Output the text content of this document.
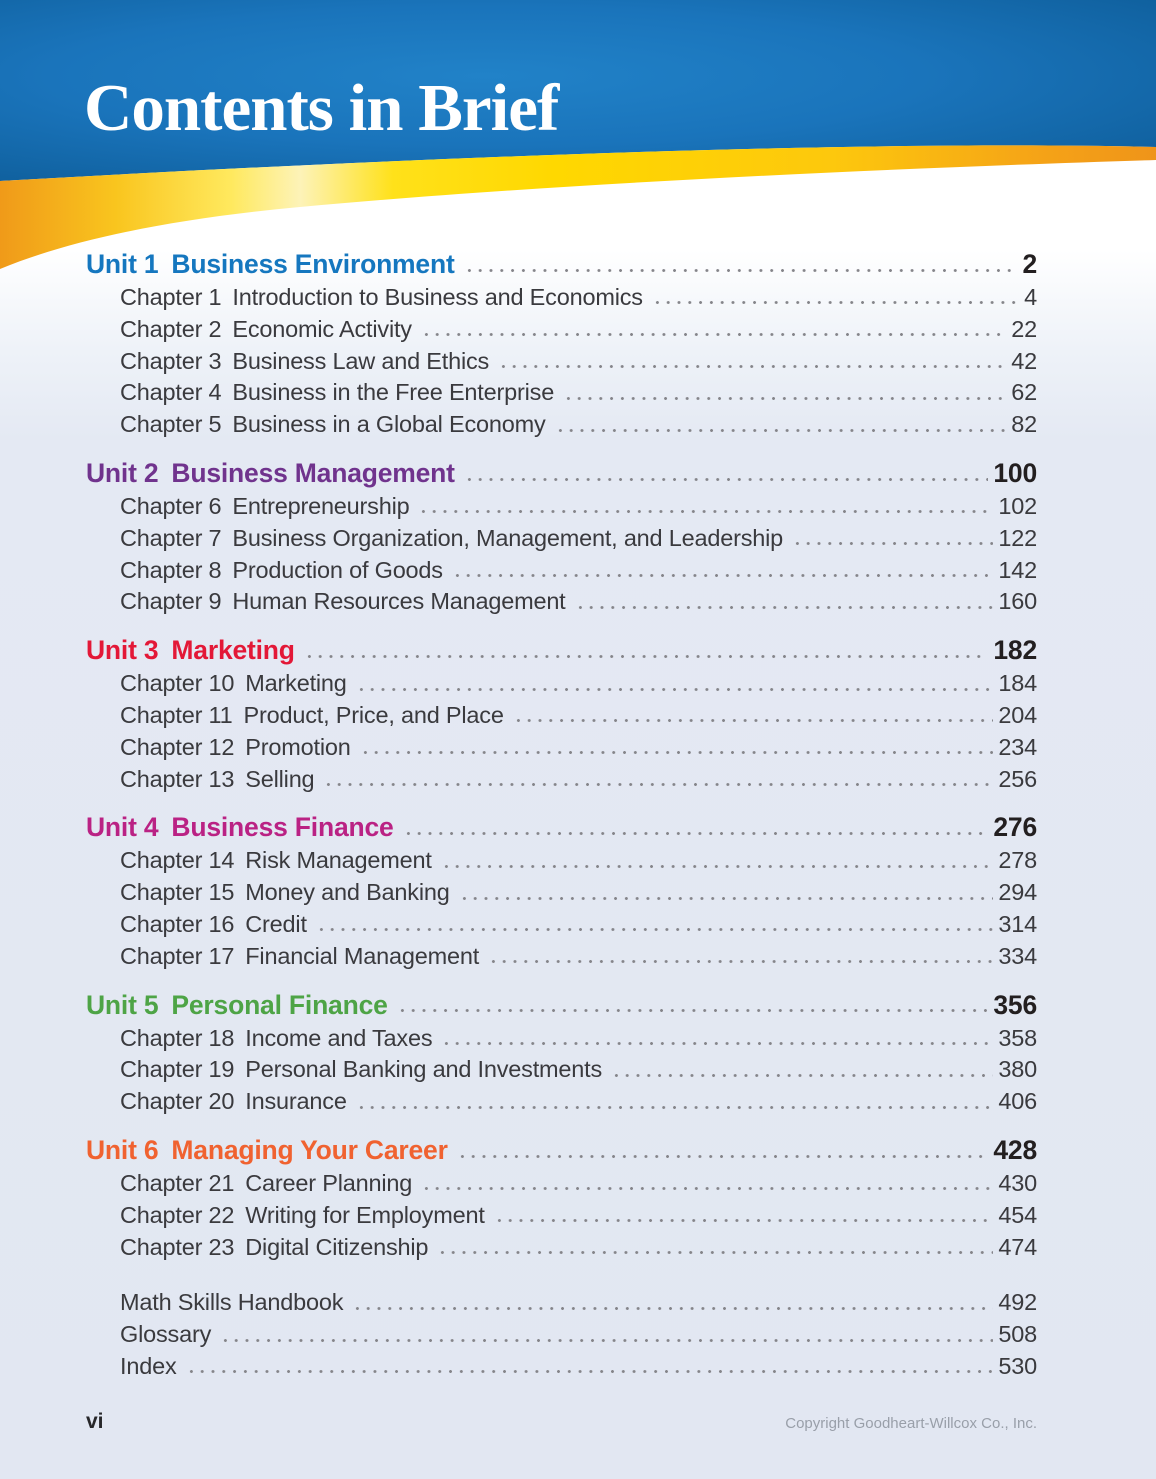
Contents in Brief
Unit 1 Business Environment	2
Chapter 1 Introduction to Business and Economics	4
Chapter 2 Economic Activity	22
Chapter 3 Business Law and Ethics	42
Chapter 4 Business in the Free Enterprise	62
Chapter 5 Business in a Global Economy	82
Unit 2 Business Management	100
Chapter 6 Entrepreneurship	102
Chapter 7 Business Organization, Management, and Leadership	122
Chapter 8 Production of Goods	142
Chapter 9 Human Resources Management	160
Unit 3 Marketing	182
Chapter 10 Marketing	184
Chapter 11 Product, Price, and Place	204
Chapter 12 Promotion	234
Chapter 13 Selling	256
Unit 4 Business Finance	276
Chapter 14 Risk Management	278
Chapter 15 Money and Banking	294
Chapter 16 Credit	314
Chapter 17 Financial Management	334
Unit 5 Personal Finance	356
Chapter 18 Income and Taxes	358
Chapter 19 Personal Banking and Investments	380
Chapter 20 Insurance	406
Unit 6 Managing Your Career	428
Chapter 21 Career Planning	430
Chapter 22 Writing for Employment	454
Chapter 23 Digital Citizenship	474
Math Skills Handbook	492
Glossary	508
Index	530
vi	Copyright Goodheart-Willcox Co., Inc.
